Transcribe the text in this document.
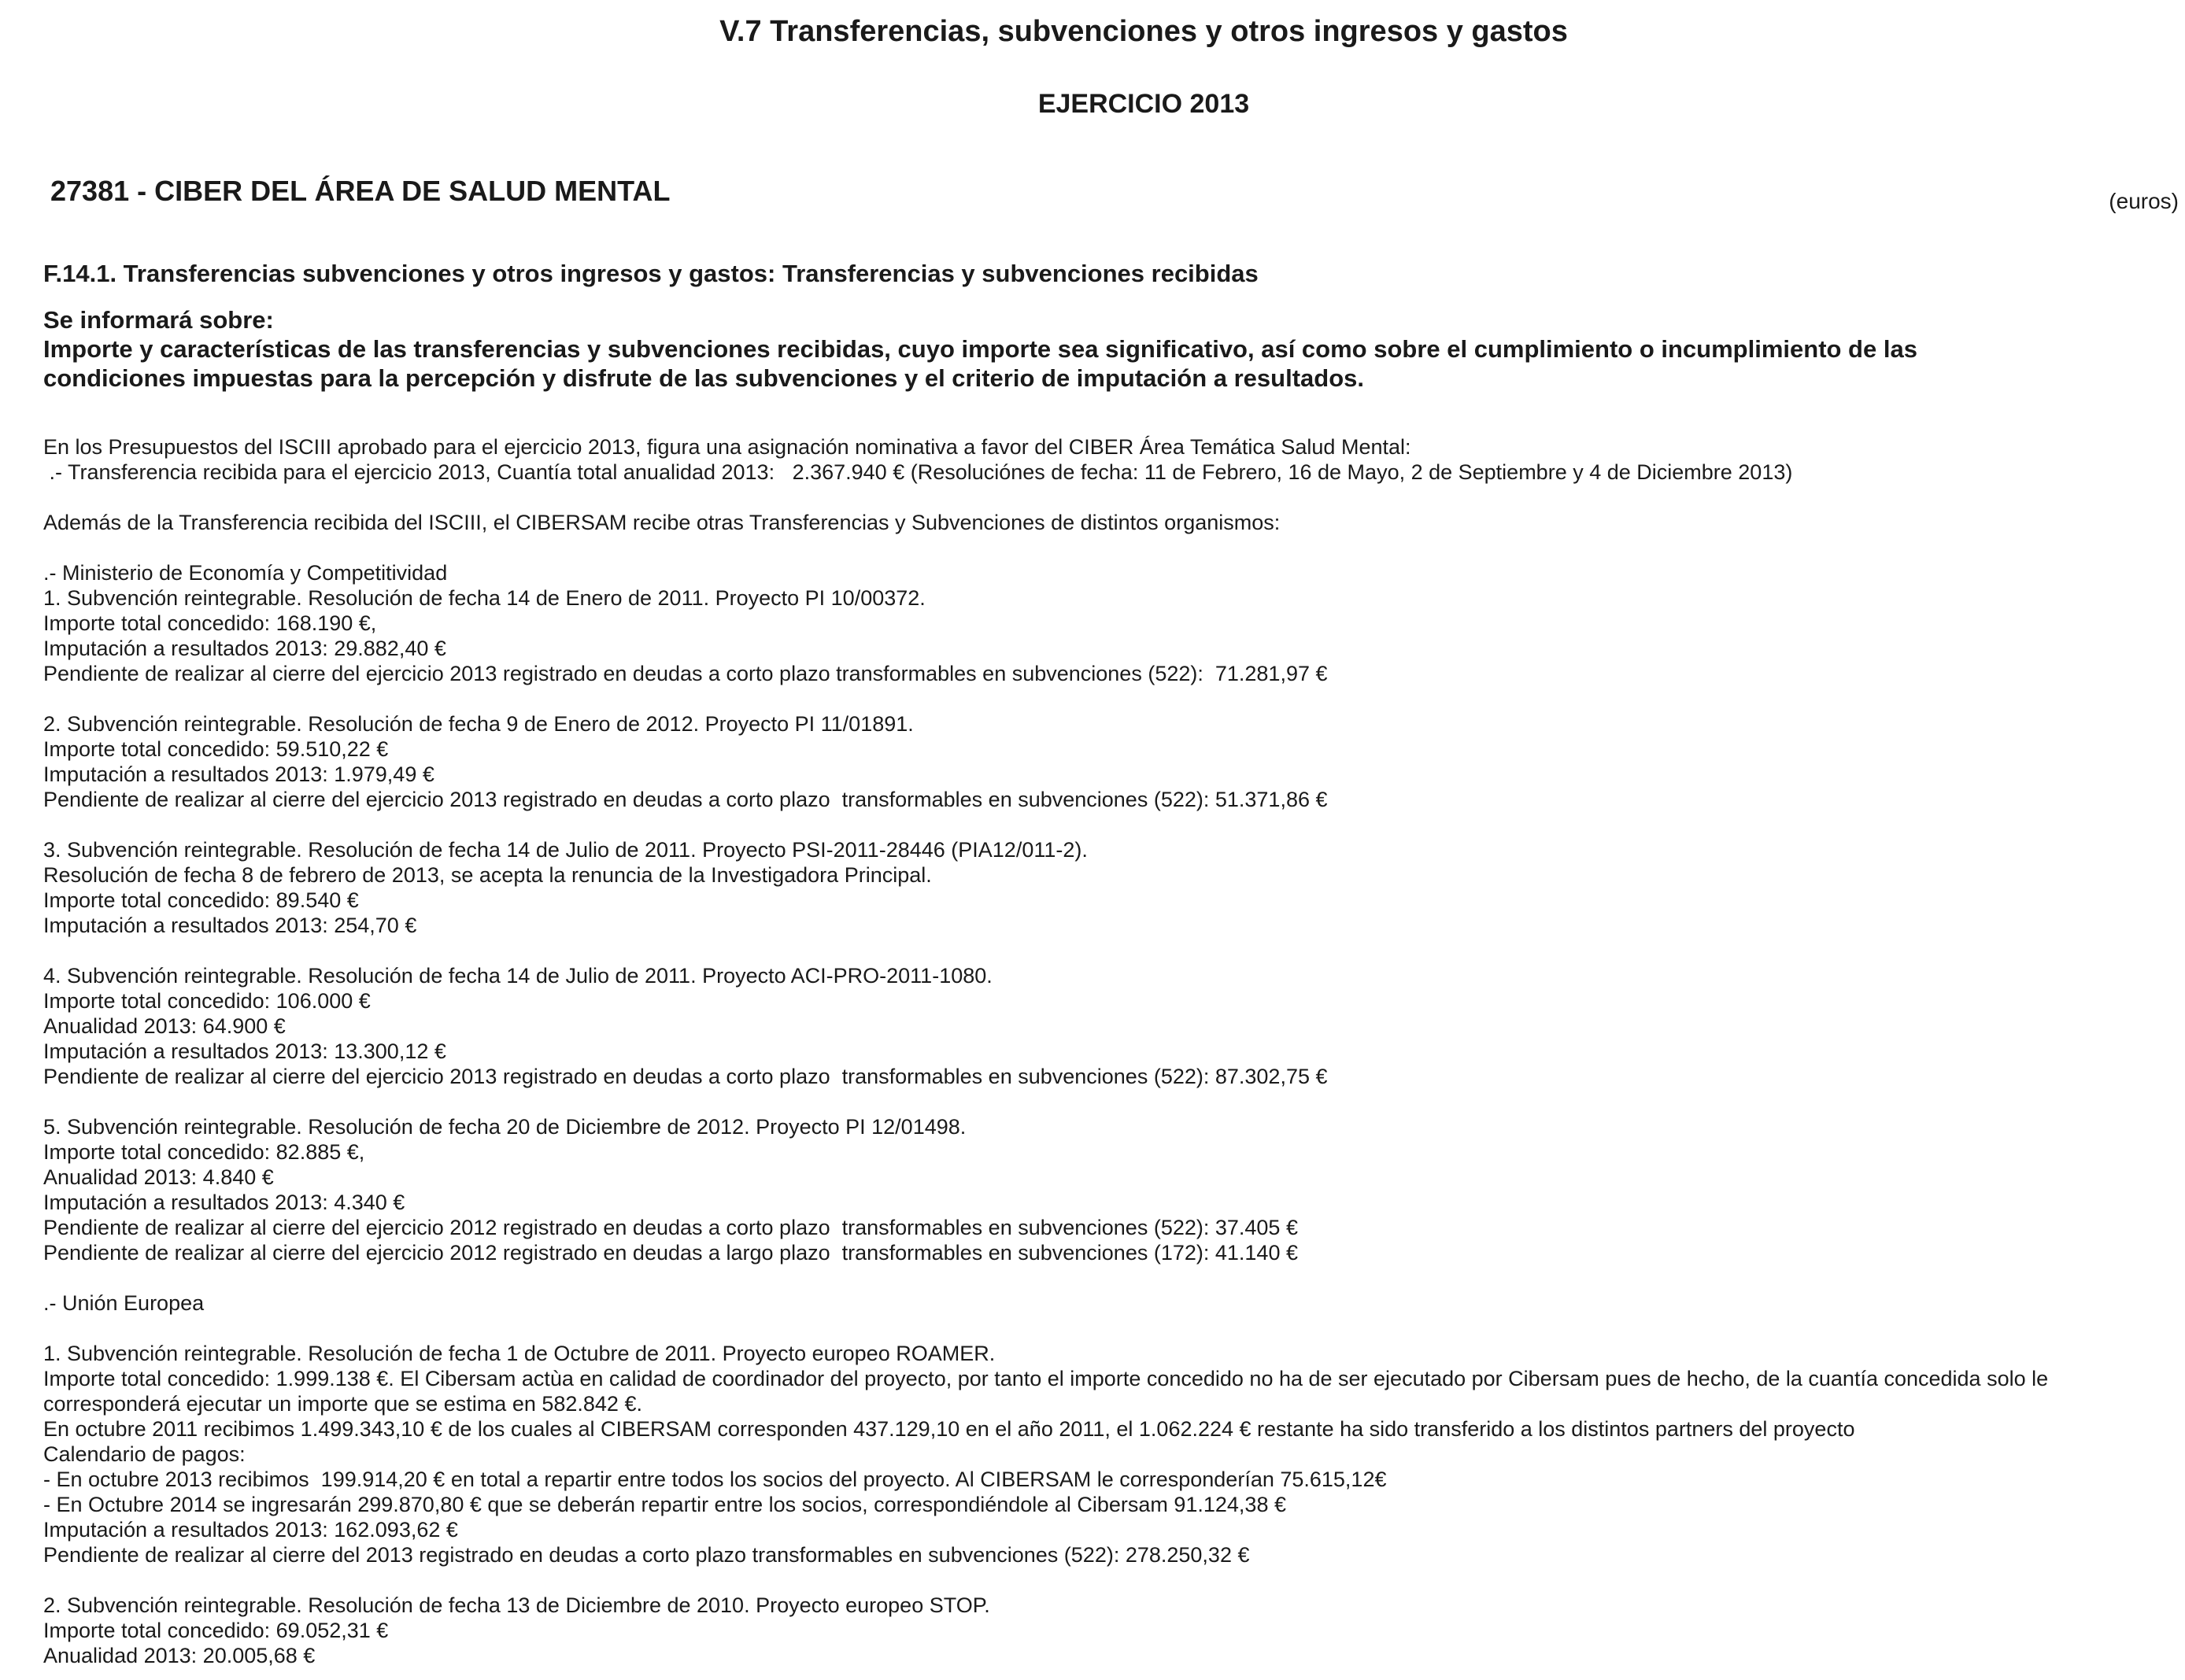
V.7 Transferencias, subvenciones y otros ingresos y gastos
EJERCICIO 2013
27381 - CIBER DEL ÁREA DE SALUD MENTAL	(euros)
F.14.1. Transferencias subvenciones y otros ingresos y gastos: Transferencias y subvenciones recibidas
Se informará sobre:
Importe y características de las transferencias y subvenciones recibidas, cuyo importe sea significativo, así como sobre el cumplimiento o incumplimiento de las condiciones impuestas para la percepción y disfrute de las subvenciones y el criterio de imputación a resultados.
En los Presupuestos del ISCIII aprobado para el ejercicio 2013, figura una asignación nominativa a favor del CIBER Área Temática Salud Mental:
.- Transferencia recibida para el ejercicio 2013, Cuantía total anualidad 2013:   2.367.940 € (Resoluciónes de fecha: 11 de Febrero, 16 de Mayo, 2 de Septiembre y 4 de Diciembre 2013)
Además de la Transferencia recibida del ISCIII, el CIBERSAM recibe otras Transferencias y Subvenciones de distintos organismos:
.- Ministerio de Economía y Competitividad
1. Subvención reintegrable. Resolución de fecha 14 de Enero de 2011. Proyecto PI 10/00372.
Importe total concedido: 168.190 €,
Imputación a resultados 2013: 29.882,40 €
Pendiente de realizar al cierre del ejercicio 2013 registrado en deudas a corto plazo transformables en subvenciones (522):  71.281,97 €
2. Subvención reintegrable. Resolución de fecha 9 de Enero de 2012. Proyecto PI 11/01891.
Importe total concedido: 59.510,22 €
Imputación a resultados 2013: 1.979,49 €
Pendiente de realizar al cierre del ejercicio 2013 registrado en deudas a corto plazo  transformables en subvenciones (522): 51.371,86 €
3. Subvención reintegrable. Resolución de fecha 14 de Julio de 2011. Proyecto PSI-2011-28446 (PIA12/011-2).
Resolución de fecha 8 de febrero de 2013, se acepta la renuncia de la Investigadora Principal.
Importe total concedido: 89.540 €
Imputación a resultados 2013: 254,70 €
4. Subvención reintegrable. Resolución de fecha 14 de Julio de 2011. Proyecto ACI-PRO-2011-1080.
Importe total concedido: 106.000 €
Anualidad 2013: 64.900 €
Imputación a resultados 2013: 13.300,12 €
Pendiente de realizar al cierre del ejercicio 2013 registrado en deudas a corto plazo  transformables en subvenciones (522): 87.302,75 €
5. Subvención reintegrable. Resolución de fecha 20 de Diciembre de 2012. Proyecto PI 12/01498.
Importe total concedido: 82.885 €,
Anualidad 2013: 4.840 €
Imputación a resultados 2013: 4.340 €
Pendiente de realizar al cierre del ejercicio 2012 registrado en deudas a corto plazo  transformables en subvenciones (522): 37.405 €
Pendiente de realizar al cierre del ejercicio 2012 registrado en deudas a largo plazo  transformables en subvenciones (172): 41.140 €
.- Unión Europea
1. Subvención reintegrable. Resolución de fecha 1 de Octubre de 2011. Proyecto europeo ROAMER.
Importe total concedido: 1.999.138 €. El Cibersam actùa en calidad de coordinador del proyecto, por tanto el importe concedido no ha de ser ejecutado por Cibersam pues de hecho, de la cuantía concedida solo le corresponderá ejecutar un importe que se estima en 582.842 €.
En octubre 2011 recibimos 1.499.343,10 € de los cuales al CIBERSAM corresponden 437.129,10 en el año 2011, el 1.062.224 € restante ha sido transferido a los distintos partners del proyecto
Calendario de pagos:
- En octubre 2013 recibimos  199.914,20 € en total a repartir entre todos los socios del proyecto. Al CIBERSAM le corresponderían 75.615,12€
- En Octubre 2014 se ingresarán 299.870,80 € que se deberán repartir entre los socios, correspondiéndole al Cibersam 91.124,38 €
Imputación a resultados 2013: 162.093,62 €
Pendiente de realizar al cierre del 2013 registrado en deudas a corto plazo transformables en subvenciones (522): 278.250,32 €
2. Subvención reintegrable. Resolución de fecha 13 de Diciembre de 2010. Proyecto europeo STOP.
Importe total concedido: 69.052,31 €
Anualidad 2013: 20.005,68 €
